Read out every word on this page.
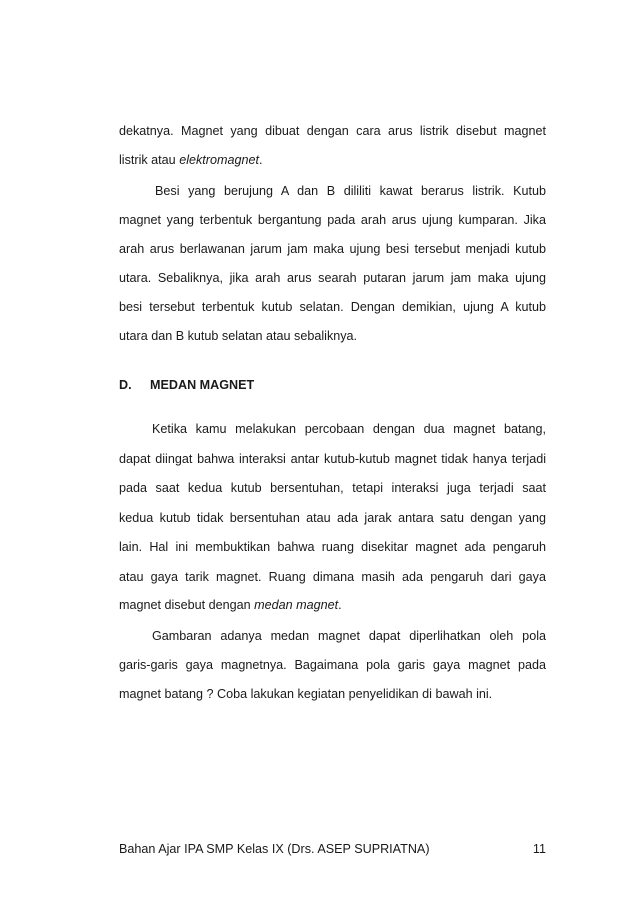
dekatnya. Magnet yang dibuat dengan cara arus listrik disebut magnet
listrik atau elektromagnet.
Besi yang berujung A dan B dililiti kawat berarus listrik. Kutub
magnet yang terbentuk bergantung pada arah arus ujung kumparan. Jika
arah arus berlawanan jarum jam maka ujung besi tersebut menjadi kutub
utara. Sebaliknya, jika arah arus searah putaran jarum jam maka ujung
besi tersebut terbentuk kutub selatan. Dengan demikian, ujung A kutub
utara dan B kutub selatan atau sebaliknya.
D. MEDAN MAGNET
Ketika kamu melakukan percobaan dengan dua magnet batang,
dapat diingat bahwa interaksi antar kutub-kutub magnet tidak hanya terjadi
pada saat kedua kutub bersentuhan, tetapi interaksi juga terjadi saat
kedua kutub tidak bersentuhan atau ada jarak antara satu dengan yang
lain. Hal ini membuktikan bahwa ruang disekitar magnet ada pengaruh
atau gaya tarik magnet. Ruang dimana masih ada pengaruh dari gaya
magnet disebut dengan medan magnet.
Gambaran adanya medan magnet dapat diperlihatkan oleh pola
garis-garis gaya magnetnya. Bagaimana pola garis gaya magnet pada
magnet batang ? Coba lakukan kegiatan penyelidikan di bawah ini.
Bahan Ajar IPA SMP Kelas IX (Drs. ASEP SUPRIATNA)	11
